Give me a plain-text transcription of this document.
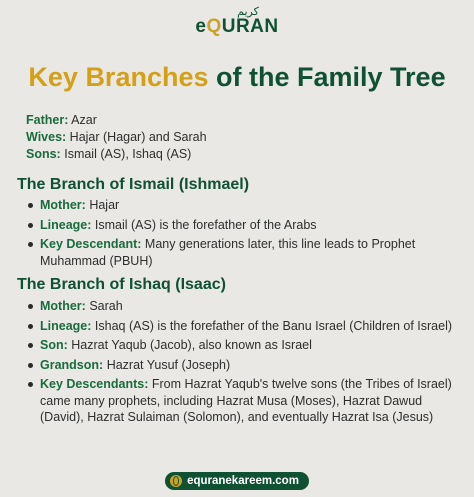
كريم
eQURAN
Key Branches of the Family Tree
Father: Azar
Wives: Hajar (Hagar) and Sarah
Sons: Ismail (AS), Ishaq (AS)
The Branch of Ismail (Ishmael)
Mother: Hajar
Lineage: Ismail (AS) is the forefather of the Arabs
Key Descendant: Many generations later, this line leads to Prophet Muhammad (PBUH)
The Branch of Ishaq (Isaac)
Mother: Sarah
Lineage: Ishaq (AS) is the forefather of the Banu Israel (Children of Israel)
Son: Hazrat Yaqub (Jacob), also known as Israel
Grandson: Hazrat Yusuf (Joseph)
Key Descendants: From Hazrat Yaqub's twelve sons (the Tribes of Israel) came many prophets, including Hazrat Musa (Moses), Hazrat Dawud (David), Hazrat Sulaiman (Solomon), and eventually Hazrat Isa (Jesus)
equranekareem.com
